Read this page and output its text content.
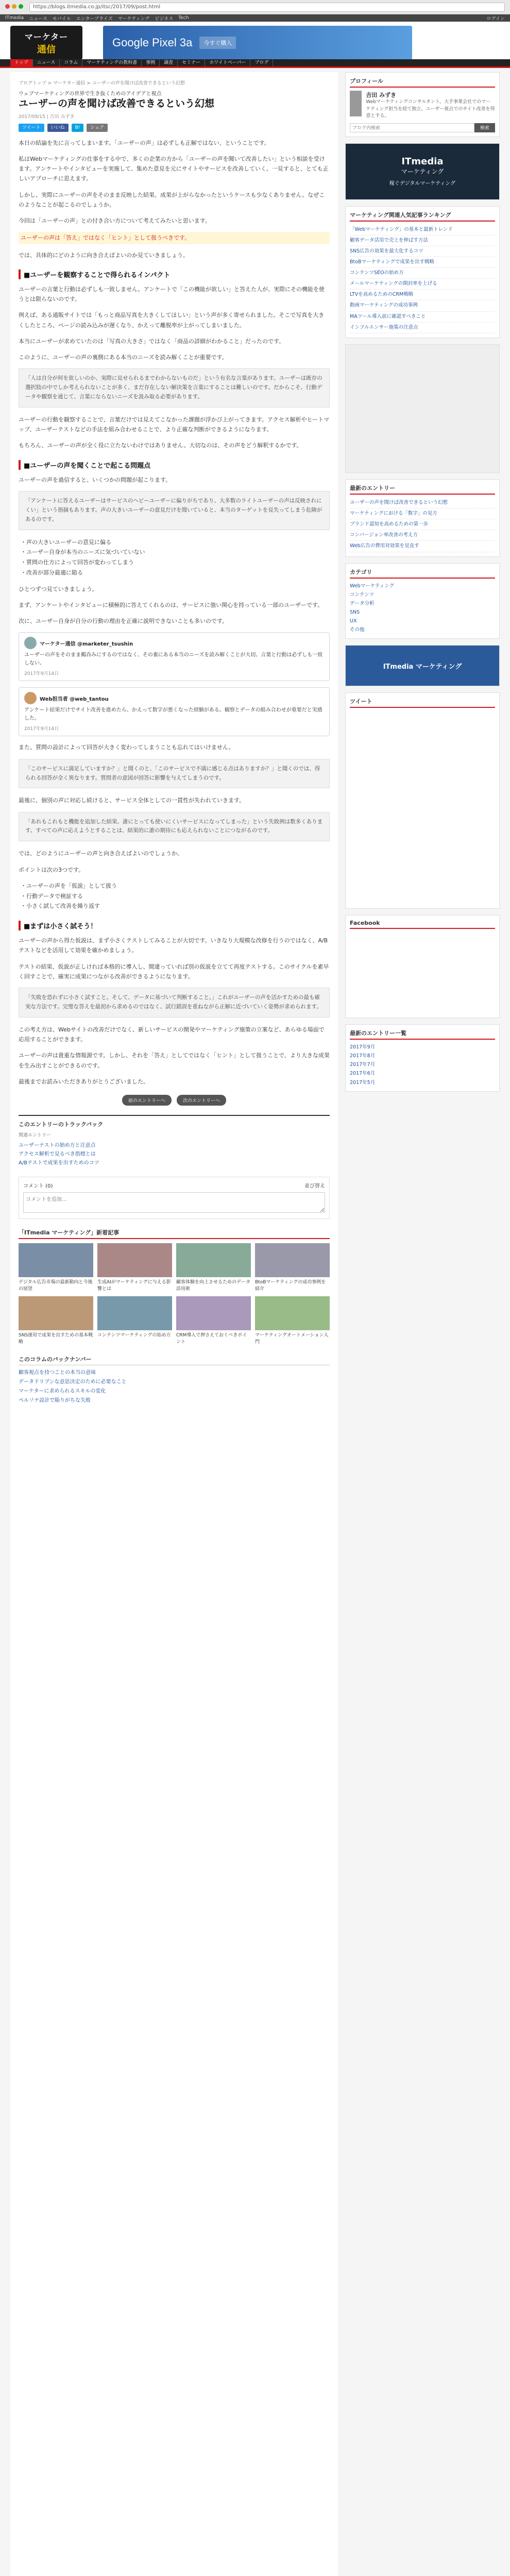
https://blogs.itmedia.co.jp/itsc/2017/09/post.html
ITmedia ニュース モバイル エンタープライズ マーケティング ビジネス Tech	ログイン
マーケター
通信
Google Pixel 3a	今すぐ購入
トップ	ニュース	コラム	マーケティングの教科書	事例	調査	セミナー	ホワイトペーパー	ブログ
ブログトップ > マーケター通信 > ユーザーの声を聞けば改善できるという幻想
ウェブマーケティングの世界で生き抜くためのアイデアと視点
ユーザーの声を聞けば改善できるという幻想
2017/09/15 | 吉田 みずき
ツイート	いいね	B!	シェア

本日の結論を先に言ってしまいます。「ユーザーの声」は必ずしも正解ではない、ということです。

私はWebマーケティングの仕事をする中で、多くの企業の方から「ユーザーの声を聞いて改善したい」という相談を受けます。アンケートやインタビューを実施して、集めた意見を元にサイトやサービスを改善していく。一見すると、とても正しいアプローチに思えます。

しかし、実際にユーザーの声をそのまま反映した結果、成果が上がらなかったというケースも少なくありません。なぜこのようなことが起こるのでしょうか。

今回は「ユーザーの声」との付き合い方について考えてみたいと思います。

ユーザーの声は「答え」ではなく「ヒント」として扱うべきです。

では、具体的にどのように向き合えばよいのか見ていきましょう。

■ユーザーを観察することで得られるインパクト

ユーザーの言葉と行動は必ずしも一致しません。アンケートで「この機能が欲しい」と答えた人が、実際にその機能を使うとは限らないのです。

例えば、ある通販サイトでは「もっと商品写真を大きくしてほしい」という声が多く寄せられました。そこで写真を大きくしたところ、ページの読み込みが遅くなり、かえって離脱率が上がってしまいました。

本当にユーザーが求めていたのは「写真の大きさ」ではなく「商品の詳細がわかること」だったのです。

このように、ユーザーの声の裏側にある本当のニーズを読み解くことが重要です。

「人は自分が何を欲しいのか、実際に見せられるまでわからないものだ」という有名な言葉があります。ユーザーは既存の選択肢の中でしか考えられないことが多く、まだ存在しない解決策を言葉にすることは難しいのです。だからこそ、行動データや観察を通じて、言葉にならないニーズを汲み取る必要があります。

ユーザーの行動を観察することで、言葉だけでは見えてこなかった課題が浮かび上がってきます。アクセス解析やヒートマップ、ユーザーテストなどの手法を組み合わせることで、より正確な判断ができるようになります。

もちろん、ユーザーの声が全く役に立たないわけではありません。大切なのは、その声をどう解釈するかです。

■ユーザーの声を聞くことで起こる問題点

ユーザーの声を過信すると、いくつかの問題が起こります。

「アンケートに答えるユーザーはサービスのヘビーユーザーに偏りがちであり、大多数のライトユーザーの声は反映されにくい」という指摘もあります。声の大きいユーザーの意見だけを聞いていると、本当のターゲットを見失ってしまう危険があるのです。
・声の大きいユーザーの意見に偏る
・ユーザー自身が本当のニーズに気づいていない
・質問の仕方によって回答が変わってしまう
・改善が部分最適に陥る

ひとつずつ見ていきましょう。

まず、アンケートやインタビューに積極的に答えてくれるのは、サービスに強い関心を持っている一部のユーザーです。

次に、ユーザー自身が自分の行動の理由を正確に説明できないことも多いのです。

マーケター通信 @marketer_tsushin
ユーザーの声をそのまま鵜呑みにするのではなく、その裏にある本当のニーズを読み解くことが大切。言葉と行動は必ずしも一致しない。
2017年9月14日
Web担当者 @web_tantou
アンケート結果だけでサイト改善を進めたら、かえって数字が悪くなった経験がある。観察とデータの組み合わせが重要だと実感した。
2017年9月14日

また、質問の設計によって回答が大きく変わってしまうことも忘れてはいけません。

「このサービスに満足していますか？」と聞くのと、「このサービスで不満に感じる点はありますか？」と聞くのでは、得られる回答が全く異なります。質問者の意図が回答に影響を与えてしまうのです。

最後に、個別の声に対応し続けると、サービス全体としての一貫性が失われていきます。

「あれもこれもと機能を追加した結果、誰にとっても使いにくいサービスになってしまった」という失敗例は数多くあります。すべての声に応えようとすることは、結果的に誰の期待にも応えられないことにつながるのです。

では、どのようにユーザーの声と向き合えばよいのでしょうか。

ポイントは次の3つです。

・ユーザーの声を「仮説」として扱う
・行動データで検証する
・小さく試して改善を繰り返す
■まずは小さく試そう！

ユーザーの声から得た仮説は、まず小さくテストしてみることが大切です。いきなり大規模な改修を行うのではなく、A/Bテストなどを活用して効果を確かめましょう。

テストの結果、仮説が正しければ本格的に導入し、間違っていれば別の仮説を立てて再度テストする。このサイクルを素早く回すことで、確実に成果につながる改善ができるようになります。

「失敗を恐れずに小さく試すこと。そして、データに基づいて判断すること。」これがユーザーの声を活かすための最も確実な方法です。完璧な答えを最初から求めるのではなく、試行錯誤を重ねながら正解に近づいていく姿勢が求められます。

この考え方は、Webサイトの改善だけでなく、新しいサービスの開発やマーケティング施策の立案など、あらゆる場面で応用することができます。

ユーザーの声は貴重な情報源です。しかし、それを「答え」としてではなく「ヒント」として扱うことで、より大きな成果を生み出すことができるのです。

最後までお読みいただきありがとうございました。

前のエントリーへ	次のエントリーへ
このエントリーのトラックバック
関連エントリー
ユーザーテストの始め方と注意点
アクセス解析で見るべき指標とは
A/Bテストで成果を出すためのコツ
コメント (0)	並び替え
コメントを追加...
「ITmedia マーケティング」新着記事
デジタル広告市場の最新動向と今後の展望
生成AIがマーケティングに与える影響とは
顧客体験を向上させるためのデータ活用術
BtoBマーケティングの成功事例を紹介
SNS運用で成果を出すための基本戦略
コンテンツマーケティングの始め方 CRM導入で押さえておくべきポイント
マーケティングオートメーション入門
このコラムのバックナンバー
顧客視点を持つことの本当の意味
データドリブンな意思決定のために必要なこと
マーケターに求められるスキルの変化
ペルソナ設計で陥りがちな失敗
プロフィール
吉田 みずき
Webマーケティングコンサルタント。大手事業会社でのマーケティング担当を経て独立。ユーザー視点でのサイト改善を得意とする。
ブログ内検索
検索
ITmedia
マーケティング
稼ぐデジタルマーケティング
マーケティング関連人気記事ランキング
「Webマーケティング」の基本と最新トレンド
顧客データ活用で売上を伸ばす方法
SNS広告の効果を最大化するコツ
BtoBマーケティングで成果を出す戦略
コンテンツSEOの始め方
メールマーケティングの開封率を上げる
LTVを高めるためのCRM戦略
動画マーケティングの成功事例
MAツール導入前に確認すべきこと
インフルエンサー施策の注意点
最新のエントリー
ユーザーの声を聞けば改善できるという幻想
マーケティングにおける「数字」の見方
ブランド認知を高めるための第一歩
コンバージョン率改善の考え方
Web広告の費用対効果を見直す
カテゴリ
Webマーケティング
コンテンツ
データ分析
SNS
UX
その他
ITmedia マーケティング
ツイート
Facebook
最新のエントリー一覧
2017年9月
2017年8月
2017年7月
2017年6月
2017年5月
